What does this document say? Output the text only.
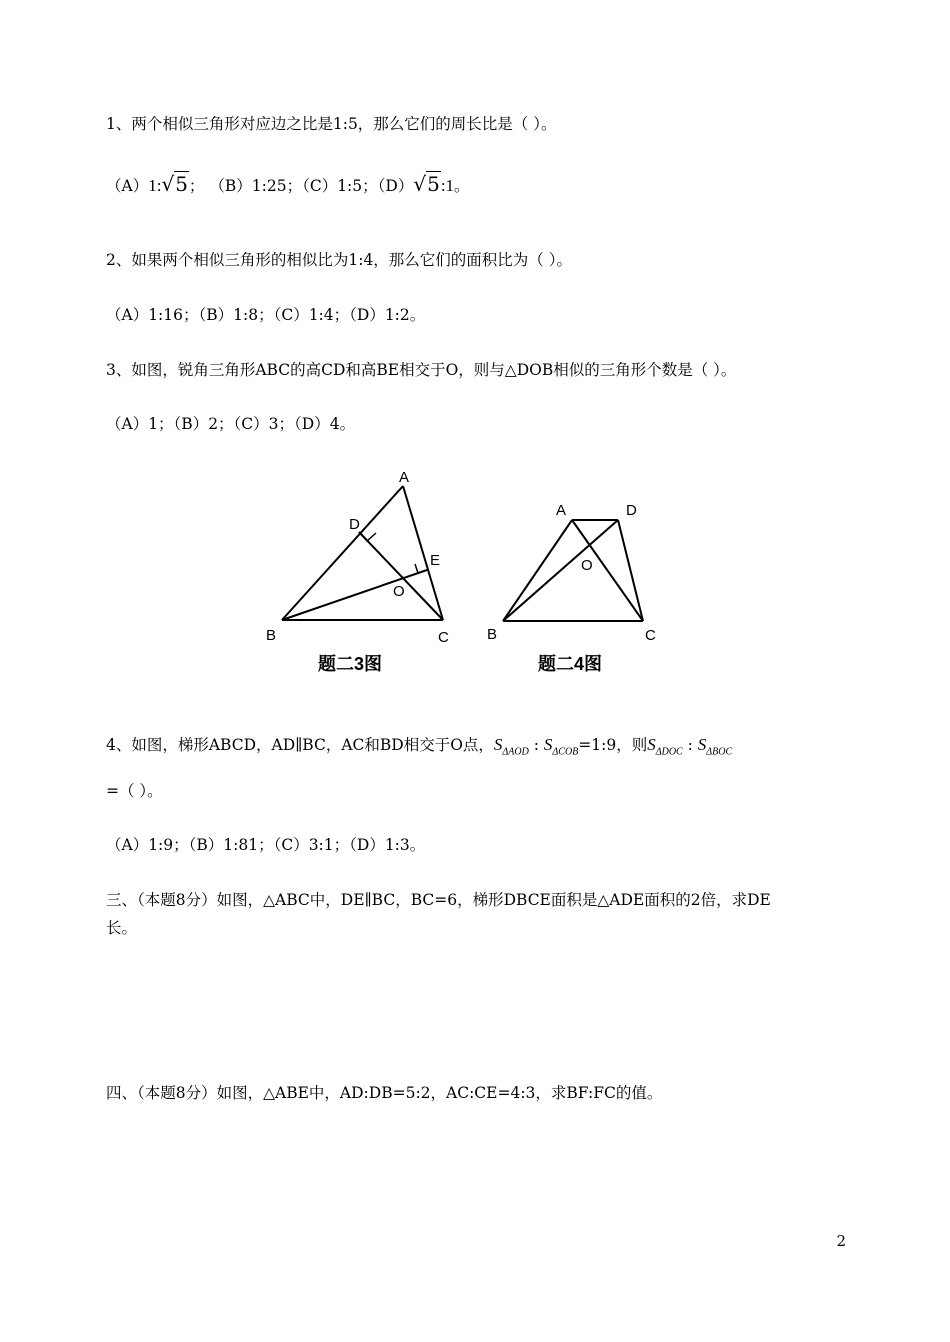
1、两个相似三角形对应边之比是1:5，那么它们的周长比是（ ）。
（A）1:√5； （B）1:25；（C）1:5；（D）√5:1。
2、如果两个相似三角形的相似比为1:4，那么它们的面积比为（ ）。
（A）1:16；（B）1:8；（C）1:4；（D）1:2。
3、如图，锐角三角形ABC的高CD和高BE相交于O，则与△DOB相似的三角形个数是（ ）。
（A）1；（B）2；（C）3；（D）4。
A
B	C
D
E
O
题二3图
A	D
B	C
O
题二4图
4、如图，梯形ABCD，AD∥BC，AC和BD相交于O点，$S_{\Delta AOD}$ : $S_{\Delta COB}=1:9$，则$S_{\Delta DOC}$ : $S_{\Delta BOC}$
=（ ）。
（A）1:9；（B）1:81；（C）3:1；（D）1:3。
三、（本题8分）如图，△ABC中，DE∥BC，BC=6，梯形DBCE面积是△ADE面积的2倍，求DE
长。
四、（本题8分）如图，△ABE中，AD:DB=5:2，AC:CE=4:3，求BF:FC的值。
2
